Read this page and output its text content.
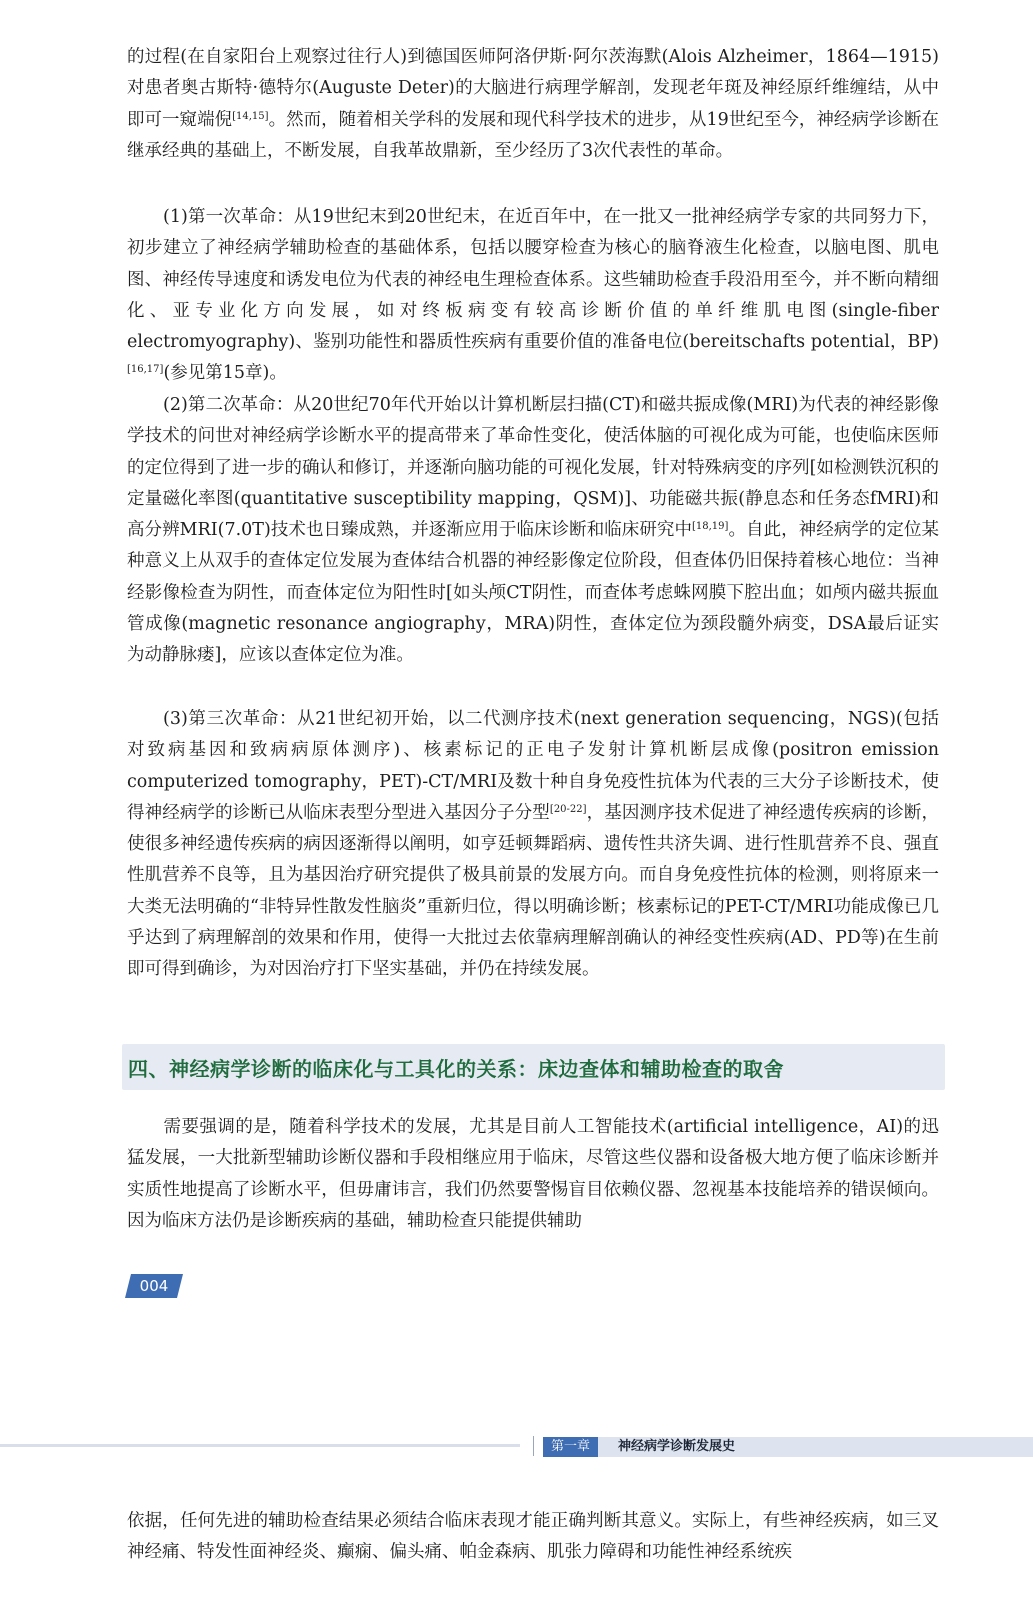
的过程(在自家阳台上观察过往行人)到德国医师阿洛伊斯·阿尔茨海默(Alois Alzheimer，1864—1915)对患者奥古斯特·德特尔(Auguste Deter)的大脑进行病理学解剖，发现老年斑及神经原纤维缠结，从中即可一窥端倪[14,15]。然而，随着相关学科的发展和现代科学技术的进步，从19世纪至今，神经病学诊断在继承经典的基础上，不断发展，自我革故鼎新，至少经历了3次代表性的革命。

(1)第一次革命：从19世纪末到20世纪末，在近百年中，在一批又一批神经病学专家的共同努力下，初步建立了神经病学辅助检查的基础体系，包括以腰穿检查为核心的脑脊液生化检查，以脑电图、肌电图、神经传导速度和诱发电位为代表的神经电生理检查体系。这些辅助检查手段沿用至今，并不断向精细化、亚专业化方向发展，如对终板病变有较高诊断价值的单纤维肌电图(single-fiber electromyography)、鉴别功能性和器质性疾病有重要价值的准备电位(bereitschafts potential，BP)[16,17](参见第15章)。

(2)第二次革命：从20世纪70年代开始以计算机断层扫描(CT)和磁共振成像(MRI)为代表的神经影像学技术的问世对神经病学诊断水平的提高带来了革命性变化，使活体脑的可视化成为可能，也使临床医师的定位得到了进一步的确认和修订，并逐渐向脑功能的可视化发展，针对特殊病变的序列[如检测铁沉积的定量磁化率图(quantitative susceptibility mapping，QSM)]、功能磁共振(静息态和任务态fMRI)和高分辨MRI(7.0T)技术也日臻成熟，并逐渐应用于临床诊断和临床研究中[18,19]。自此，神经病学的定位某种意义上从双手的查体定位发展为查体结合机器的神经影像定位阶段，但查体仍旧保持着核心地位：当神经影像检查为阴性，而查体定位为阳性时[如头颅CT阴性，而查体考虑蛛网膜下腔出血；如颅内磁共振血管成像(magnetic resonance angiography，MRA)阴性，查体定位为颈段髓外病变，DSA最后证实为动静脉瘘]，应该以查体定位为准。

(3)第三次革命：从21世纪初开始，以二代测序技术(next generation sequencing，NGS)(包括对致病基因和致病病原体测序)、核素标记的正电子发射计算机断层成像(positron emission computerized tomography，PET)-CT/MRI及数十种自身免疫性抗体为代表的三大分子诊断技术，使得神经病学的诊断已从临床表型分型进入基因分子分型[20-22]，基因测序技术促进了神经遗传疾病的诊断，使很多神经遗传疾病的病因逐渐得以阐明，如亨廷顿舞蹈病、遗传性共济失调、进行性肌营养不良、强直性肌营养不良等，且为基因治疗研究提供了极具前景的发展方向。而自身免疫性抗体的检测，则将原来一大类无法明确的“非特异性散发性脑炎”重新归位，得以明确诊断；核素标记的PET-CT/MRI功能成像已几乎达到了病理解剖的效果和作用，使得一大批过去依靠病理解剖确认的神经变性疾病(AD、PD等)在生前即可得到确诊，为对因治疗打下坚实基础，并仍在持续发展。

四、神经病学诊断的临床化与工具化的关系：床边查体和辅助检查的取舍

需要强调的是，随着科学技术的发展，尤其是目前人工智能技术(artificial intelligence，AI)的迅猛发展，一大批新型辅助诊断仪器和手段相继应用于临床，尽管这些仪器和设备极大地方便了临床诊断并实质性地提高了诊断水平，但毋庸讳言，我们仍然要警惕盲目依赖仪器、忽视基本技能培养的错误倾向。因为临床方法仍是诊断疾病的基础，辅助检查只能提供辅助

004
第一章	神经病学诊断发展史

依据，任何先进的辅助检查结果必须结合临床表现才能正确判断其意义。实际上，有些神经疾病，如三叉神经痛、特发性面神经炎、癫痫、偏头痛、帕金森病、肌张力障碍和功能性神经系统疾
